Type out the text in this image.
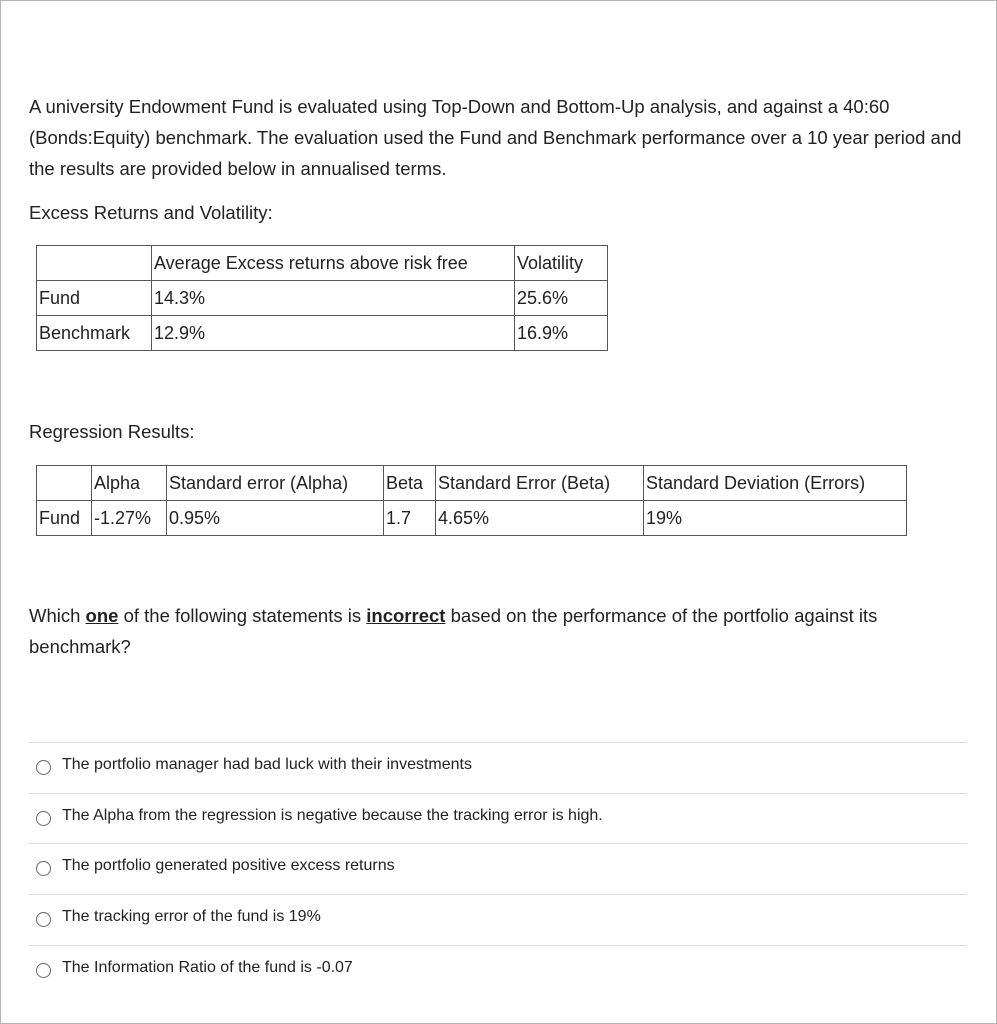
A university Endowment Fund is evaluated using Top-Down and Bottom-Up analysis, and against a 40:60 (Bonds:Equity) benchmark. The evaluation used the Fund and Benchmark performance over a 10 year period and the results are provided below in annualised terms.
Excess Returns and Volatility:
	Average Excess returns above risk free	Volatility
Fund	14.3%	25.6%
Benchmark	12.9%	16.9%
Regression Results:
	Alpha	Standard error (Alpha)	Beta	Standard Error (Beta)	Standard Deviation (Errors)
Fund	-1.27%	0.95%	1.7	4.65%	19%
Which one of the following statements is incorrect based on the performance of the portfolio against its benchmark?
The portfolio manager had bad luck with their investments
The Alpha from the regression is negative because the tracking error is high.
The portfolio generated positive excess returns
The tracking error of the fund is 19%
The Information Ratio of the fund is -0.07
